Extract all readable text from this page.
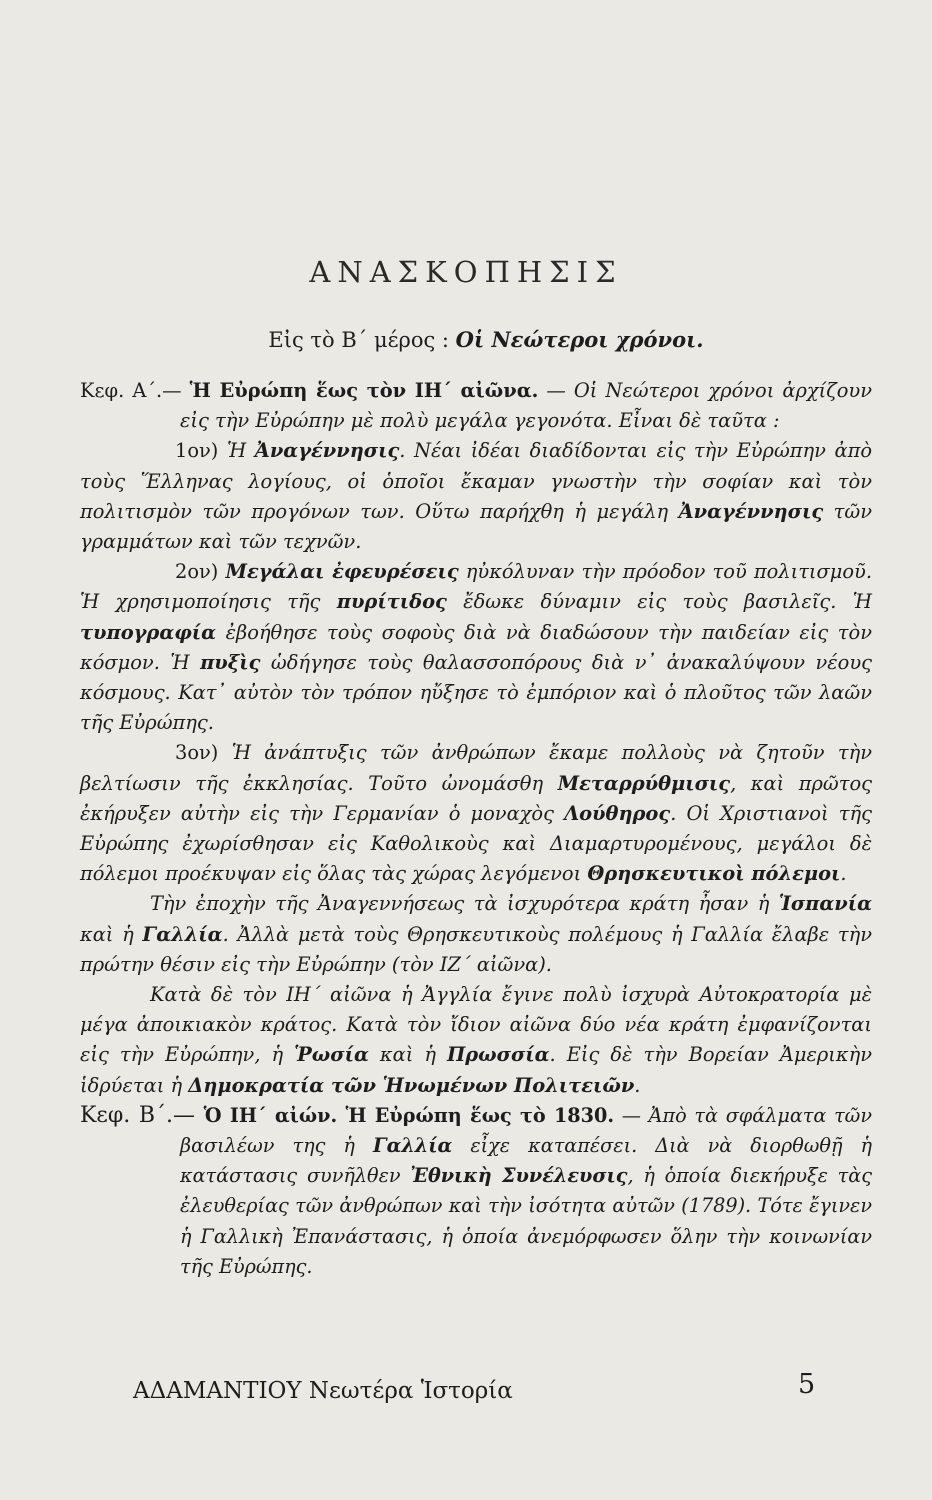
ΑΝΑΣΚΟΠΗΣΙΣ
Εἰς τὸ Β΄ μέρος : Οἱ Νεώτεροι χρόνοι.

Κεφ. Α΄.— Ἡ Εὐρώπη ἕως τὸν ΙΗ΄ αἰῶνα. — Οἱ Νεώτεροι χρόνοι ἀρχίζουν εἰς τὴν Εὐρώπην μὲ πολὺ μεγάλα γεγονότα. Εἶναι δὲ ταῦτα :

1ον) Ἡ Ἀναγέννησις. Νέαι ἰδέαι διαδίδονται εἰς τὴν Εὐρώπην ἀπὸ τοὺς Ἕλληνας λογίους, οἱ ὁποῖοι ἔκαμαν γνωστὴν τὴν σοφίαν καὶ τὸν πολιτισμὸν τῶν προγόνων των. Οὕτω παρήχθη ἡ μεγάλη Ἀναγέννησις τῶν γραμμάτων καὶ τῶν τεχνῶν.

2ον) Μεγάλαι ἐφευρέσεις ηὐκόλυναν τὴν πρόοδον τοῦ πολιτισμοῦ. Ἡ χρησιμοποίησις τῆς πυρίτιδος ἔδωκε δύναμιν εἰς τοὺς βασιλεῖς. Ἡ τυπογραφία ἐβοήθησε τοὺς σοφοὺς διὰ νὰ διαδώσουν τὴν παιδείαν εἰς τὸν κόσμον. Ἡ πυξὶς ὡδήγησε τοὺς θαλασσοπόρους διὰ ν᾿ ἀνακαλύψουν νέους κόσμους. Κατ᾿ αὐτὸν τὸν τρόπον ηὔξησε τὸ ἐμπόριον καὶ ὁ πλοῦτος τῶν λαῶν τῆς Εὐρώπης.

3ον) Ἡ ἀνάπτυξις τῶν ἀνθρώπων ἔκαμε πολλοὺς νὰ ζητοῦν τὴν βελτίωσιν τῆς ἐκκλησίας. Τοῦτο ὠνομάσθη Μεταρρύθμισις, καὶ πρῶτος ἐκήρυξεν αὐτὴν εἰς τὴν Γερμανίαν ὁ μοναχὸς Λούθηρος. Οἱ Χριστιανοὶ τῆς Εὐρώπης ἐχωρίσθησαν εἰς Καθολικοὺς καὶ Διαμαρτυρομένους, μεγάλοι δὲ πόλεμοι προέκυψαν εἰς ὅλας τὰς χώρας λεγόμενοι Θρησκευτικοὶ πόλεμοι.

Τὴν ἐποχὴν τῆς Ἀναγεννήσεως τὰ ἰσχυρότερα κράτη ἦσαν ἡ Ἱσπανία καὶ ἡ Γαλλία. Ἀλλὰ μετὰ τοὺς Θρησκευτικοὺς πολέμους ἡ Γαλλία ἔλαβε τὴν πρώτην θέσιν εἰς τὴν Εὐρώπην (τὸν ΙΖ΄ αἰῶνα).

Κατὰ δὲ τὸν ΙΗ΄ αἰῶνα ἡ Ἀγγλία ἔγινε πολὺ ἰσχυρὰ Αὐτοκρατορία μὲ μέγα ἀποικιακὸν κράτος. Κατὰ τὸν ἴδιον αἰῶνα δύο νέα κράτη ἐμφανίζονται εἰς τὴν Εὐρώπην, ἡ Ῥωσία καὶ ἡ Πρωσσία. Εἰς δὲ τὴν Βορείαν Ἀμερικὴν ἱδρύεται ἡ Δημοκρατία τῶν Ἡνωμένων Πολιτειῶν.

Κεφ. Β΄.— Ὁ ΙΗ΄ αἰών. Ἡ Εὐρώπη ἕως τὸ 1830. — Ἀπὸ τὰ σφάλματα τῶν βασιλέων της ἡ Γαλλία εἶχε καταπέσει. Διὰ νὰ διορθωθῇ ἡ κατάστασις συνῆλθεν Ἐθνικὴ Συνέλευσις, ἡ ὁποία διεκήρυξε τὰς ἐλευθερίας τῶν ἀνθρώπων καὶ τὴν ἰσότητα αὐτῶν (1789). Τότε ἔγινεν ἡ Γαλλικὴ Ἐπανάστασις, ἡ ὁποία ἀνεμόρφωσεν ὅλην τὴν κοινωνίαν τῆς Εὐρώπης.

ΑΔΑΜΑΝΤΙΟΥ Νεωτέρα Ἱστορία	5
